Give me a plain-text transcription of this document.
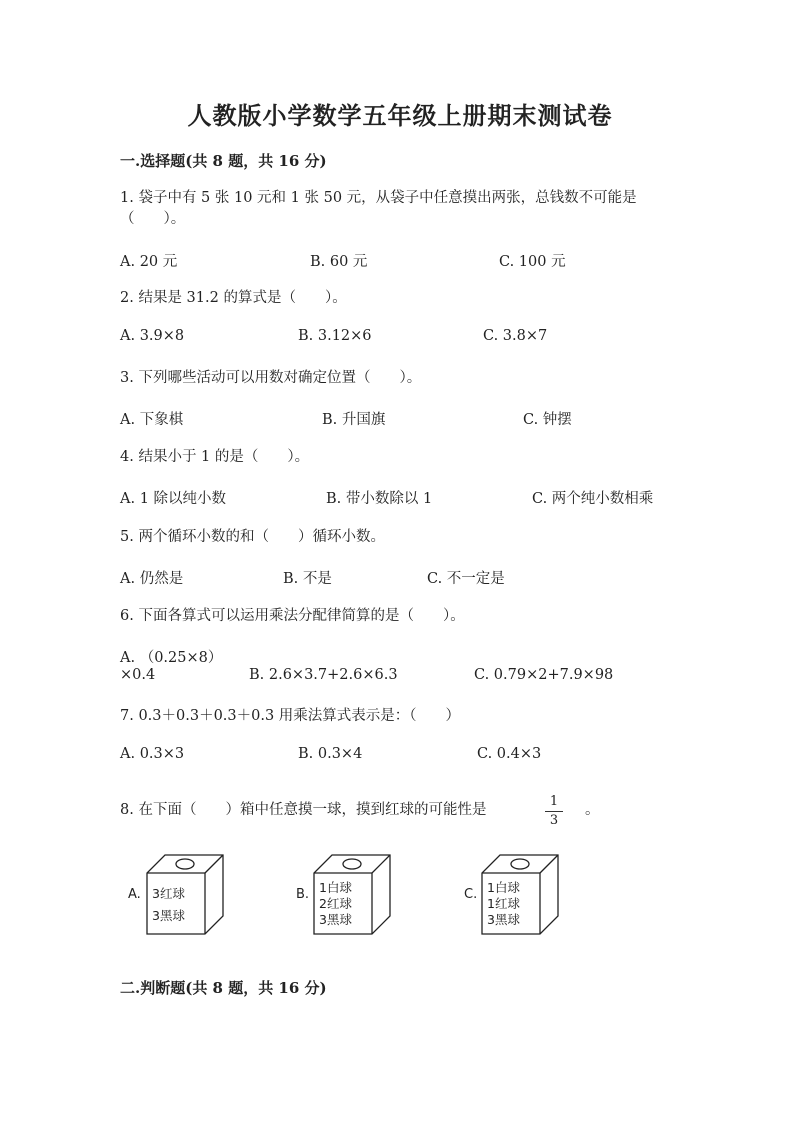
人教版小学数学五年级上册期末测试卷
一.选择题(共 8 题，共 16 分)
1. 袋子中有 5 张 10 元和 1 张 50 元，从袋子中任意摸出两张，总钱数不可能是
（　　）。
A. 20 元	B. 60 元	C. 100 元
2. 结果是 31.2 的算式是（　　）。
A. 3.9×8	B. 3.12×6	C. 3.8×7
3. 下列哪些活动可以用数对确定位置（　　）。
A. 下象棋	B. 升国旗	C. 钟摆
4. 结果小于 1 的是（　　）。
A. 1 除以纯小数	B. 带小数除以 1	C. 两个纯小数相乘
5. 两个循环小数的和（　　）循环小数。
A. 仍然是	B. 不是	C. 不一定是
6. 下面各算式可以运用乘法分配律简算的是（　　）。
A. （0.25×8）
×0.4	B. 2.6×3.7+2.6×6.3	C. 0.79×2+7.9×98
7. 0.3＋0.3＋0.3＋0.3 用乘法算式表示是：（　　）
A. 0.3×3	B. 0.3×4	C. 0.4×3
8. 在下面（　　）箱中任意摸一球，摸到红球的可能性是
1
3
。
A. 3红球
3黑球
B. 1白球
2红球
3黑球
C. 1白球
1红球
3黑球
二.判断题(共 8 题，共 16 分)
